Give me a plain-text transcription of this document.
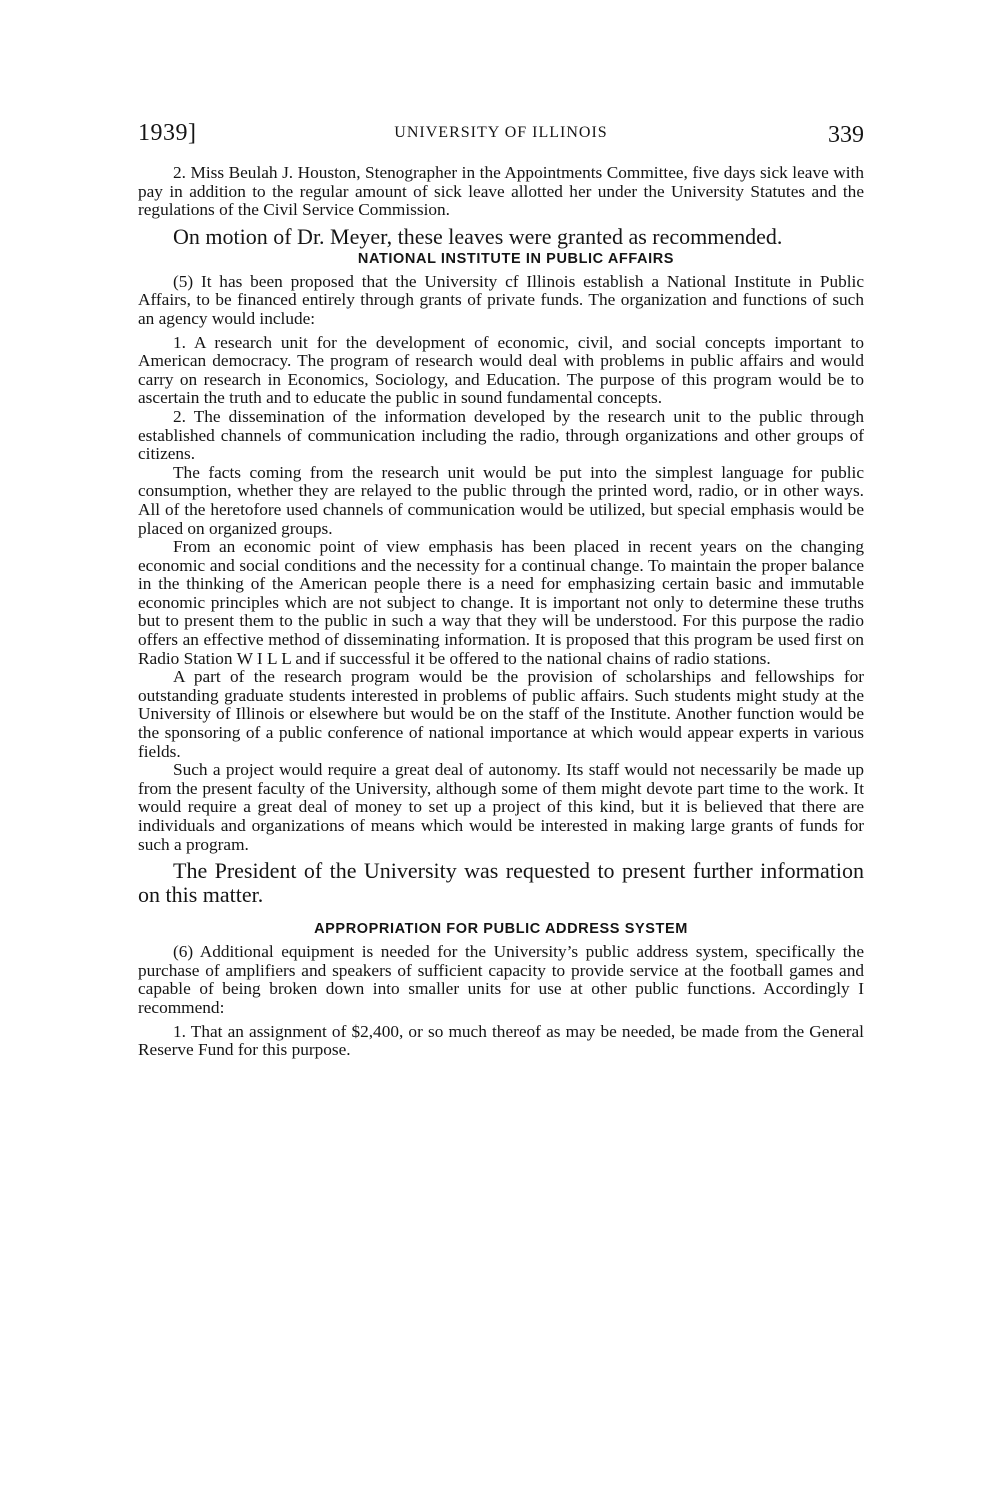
1939]	UNIVERSITY OF ILLINOIS	339

2. Miss Beulah J. Houston, Stenographer in the Appointments Committee, five days sick leave with pay in addition to the regular amount of sick leave allotted her under the University Statutes and the regulations of the Civil Service Commission.

On motion of Dr. Meyer, these leaves were granted as recommended.

NATIONAL INSTITUTE IN PUBLIC AFFAIRS

(5) It has been proposed that the University cf Illinois establish a National Institute in Public Affairs, to be financed entirely through grants of private funds. The organization and functions of such an agency would include:

1. A research unit for the development of economic, civil, and social concepts important to American democracy. The program of research would deal with problems in public affairs and would carry on research in Economics, Sociology, and Education. The purpose of this program would be to ascertain the truth and to educate the public in sound fundamental concepts.

2. The dissemination of the information developed by the research unit to the public through established channels of communication including the radio, through organizations and other groups of citizens.

The facts coming from the research unit would be put into the simplest language for public consumption, whether they are relayed to the public through the printed word, radio, or in other ways. All of the heretofore used channels of communication would be utilized, but special emphasis would be placed on organized groups.

From an economic point of view emphasis has been placed in recent years on the changing economic and social conditions and the necessity for a continual change. To maintain the proper balance in the thinking of the American people there is a need for emphasizing certain basic and immutable economic principles which are not subject to change. It is important not only to determine these truths but to present them to the public in such a way that they will be understood. For this purpose the radio offers an effective method of disseminating information. It is proposed that this program be used first on Radio Station W I L L and if successful it be offered to the national chains of radio stations.

A part of the research program would be the provision of scholarships and fellowships for outstanding graduate students interested in problems of public affairs. Such students might study at the University of Illinois or elsewhere but would be on the staff of the Institute. Another function would be the sponsoring of a public conference of national importance at which would appear experts in various fields.

Such a project would require a great deal of autonomy. Its staff would not necessarily be made up from the present faculty of the University, although some of them might devote part time to the work. It would require a great deal of money to set up a project of this kind, but it is believed that there are individuals and organizations of means which would be interested in making large grants of funds for such a program.

The President of the University was requested to present further information on this matter.

APPROPRIATION FOR PUBLIC ADDRESS SYSTEM

(6) Additional equipment is needed for the University’s public address system, specifically the purchase of amplifiers and speakers of sufficient capacity to provide service at the football games and capable of being broken down into smaller units for use at other public functions. Accordingly I recommend:

1. That an assignment of $2,400, or so much thereof as may be needed, be made from the General Reserve Fund for this purpose.
